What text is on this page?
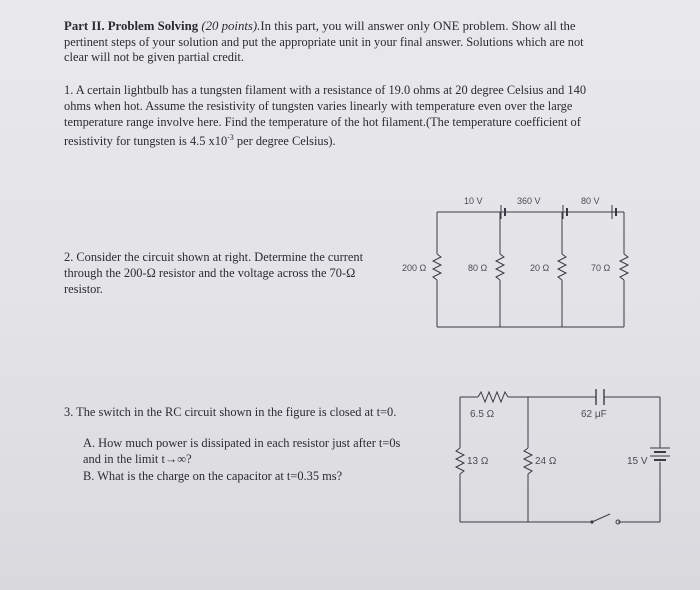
Part II. Problem Solving (20 points).In this part, you will answer only ONE problem. Show all the
pertinent steps of your solution and put the appropriate unit in your final answer. Solutions which are not
clear will not be given partial credit.
1. A certain lightbulb has a tungsten filament with a resistance of 19.0 ohms at 20 degree Celsius and 140
ohms when hot. Assume the resistivity of tungsten varies linearly with temperature even over the large
temperature range involve here. Find the temperature of the hot filament.(The temperature coefficient of
resistivity for tungsten is 4.5 $x10^{-3}$ per degree Celsius).
2. Consider the circuit shown at right. Determine the current
through the 200-Ω resistor and the voltage across the 70-Ω
resistor.
3. The switch in the RC circuit shown in the figure is closed at t=0.
A. How much power is dissipated in each resistor just after t=0s
and in the limit t→∞?
B. What is the charge on the capacitor at t=0.35 ms?
10 V	360 V	80 V
200 Ω	80 Ω	20 Ω	70 Ω
6.5 Ω	62 μF
13 Ω	24 Ω	15 V
